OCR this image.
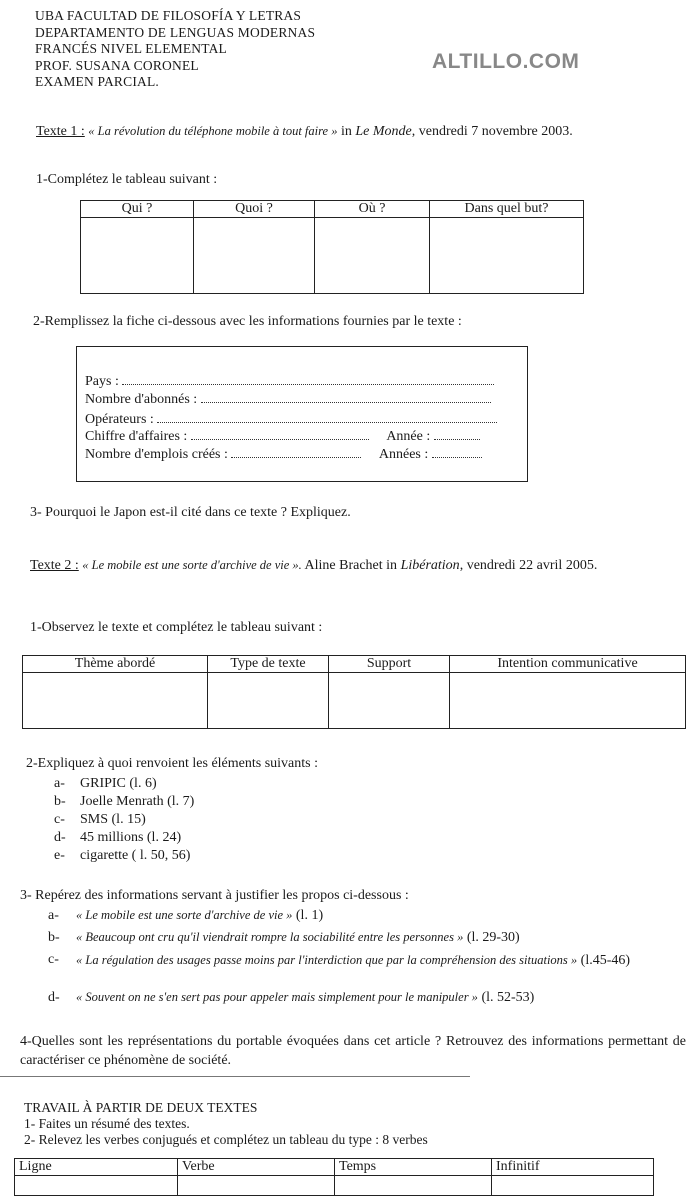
UBA FACULTAD DE FILOSOFÍA Y LETRAS
DEPARTAMENTO DE LENGUAS MODERNAS
FRANCÉS NIVEL ELEMENTAL
PROF. SUSANA CORONEL
EXAMEN PARCIAL.
ALTILLO.COM
Texte 1 : « La révolution du téléphone mobile à tout faire » in Le Monde, vendredi 7 novembre 2003.
1-Complétez le tableau suivant :
Qui ?	Quoi ?	Où ?	Dans quel but?

2-Remplissez la fiche ci-dessous avec les informations fournies par le texte :
Pays :
Nombre d'abonnés :
Opérateurs :
Chiffre d'affaires :	Année :
Nombre d'emplois créés :	Années :
3- Pourquoi le Japon est-il cité dans ce texte ? Expliquez.
Texte 2 : « Le mobile est une sorte d'archive de vie ». Aline Brachet in Libération, vendredi 22 avril 2005.
1-Observez le texte et complétez le tableau suivant :
Thème abordé	Type de texte	Support	Intention communicative

2-Expliquez à quoi renvoient les éléments suivants :
a-	GRIPIC (l. 6)
b-	Joelle Menrath (l. 7)
c-	SMS (l. 15)
d-	45 millions (l. 24)
e-	cigarette ( l. 50, 56)
3- Repérez des informations servant à justifier les propos ci-dessous :
a-	« Le mobile est une sorte d'archive de vie » (l. 1)
b-	« Beaucoup ont cru qu'il viendrait rompre la sociabilité entre les personnes » (l. 29-30)
c-	« La régulation des usages passe moins par l'interdiction que par la compréhension des situations » (l.45-46)
d-	« Souvent on ne s'en sert pas pour appeler mais simplement pour le manipuler » (l. 52-53)
4-Quelles sont les représentations du portable évoquées dans cet article ? Retrouvez des informations permettant de caractériser ce phénomène de société.
TRAVAIL À PARTIR DE DEUX TEXTES
1- Faites un résumé des textes.
2- Relevez les verbes conjugués et complétez un tableau du type : 8 verbes
Ligne	Verbe	Temps	Infinitif
